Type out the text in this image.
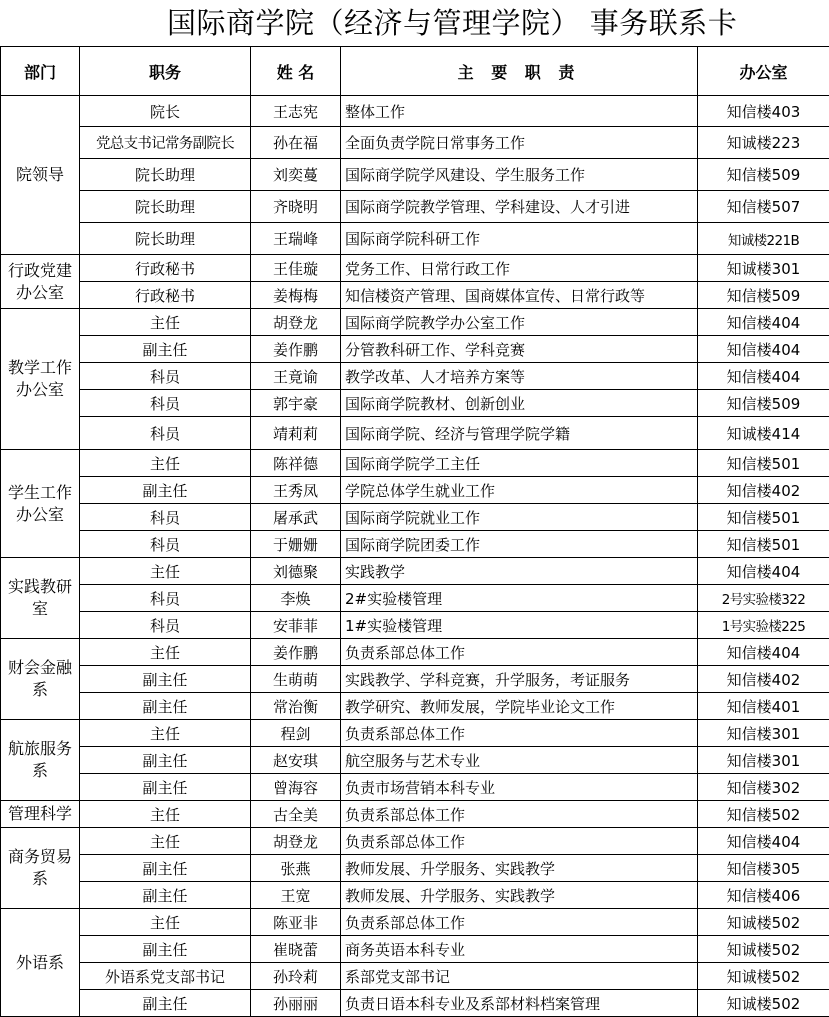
国际商学院（经济与管理学院） 事务联系卡
部门	职务	姓 名	主 要 职 责	办公室
院领导	院长	王志宪	整体工作	知信楼403
	党总支书记常务副院长	孙在福	全面负责学院日常事务工作	知诚楼223
	院长助理	刘奕蔓	国际商学院学风建设、学生服务工作	知信楼509
	院长助理	齐晓明	国际商学院教学管理、学科建设、人才引进	知信楼507
	院长助理	王瑞峰	国际商学院科研工作	知诚楼221B
行政党建办公室	行政秘书	王佳璇	党务工作、日常行政工作	知诚楼301
	行政秘书	姜梅梅	知信楼资产管理、国商媒体宣传、日常行政等	知信楼509
教学工作办公室	主任	胡登龙	国际商学院教学办公室工作	知信楼404
	副主任	姜作鹏	分管教科研工作、学科竞赛	知信楼404
	科员	王竟谕	教学改革、人才培养方案等	知信楼404
	科员	郭宇豪	国际商学院教材、创新创业	知信楼509
	科员	靖莉莉	国际商学院、经济与管理学院学籍	知诚楼414
学生工作办公室	主任	陈祥德	国际商学院学工主任	知信楼501
	副主任	王秀凤	学院总体学生就业工作	知信楼402
	科员	屠承武	国际商学院就业工作	知信楼501
	科员	于姗姗	国际商学院团委工作	知信楼501
实践教研室	主任	刘德聚	实践教学	知信楼404
	科员	李焕	2#实验楼管理	2号实验楼322
	科员	安菲菲	1#实验楼管理	1号实验楼225
财会金融系	主任	姜作鹏	负责系部总体工作	知信楼404
	副主任	生萌萌	实践教学、学科竞赛，升学服务，考证服务	知信楼402
	副主任	常治衡	教学研究、教师发展，学院毕业论文工作	知信楼401
航旅服务系	主任	程剑	负责系部总体工作	知信楼301
	副主任	赵安琪	航空服务与艺术专业	知信楼301
	副主任	曾海容	负责市场营销本科专业	知信楼302
管理科学	主任	古全美	负责系部总体工作	知信楼502
商务贸易系	主任	胡登龙	负责系部总体工作	知信楼404
	副主任	张燕	教师发展、升学服务、实践教学	知信楼305
	副主任	王宽	教师发展、升学服务、实践教学	知信楼406
外语系	主任	陈亚非	负责系部总体工作	知诚楼502
	副主任	崔晓蕾	商务英语本科专业	知诚楼502
	外语系党支部书记	孙玲莉	系部党支部书记	知诚楼502
	副主任	孙丽丽	负责日语本科专业及系部材料档案管理	知诚楼502
